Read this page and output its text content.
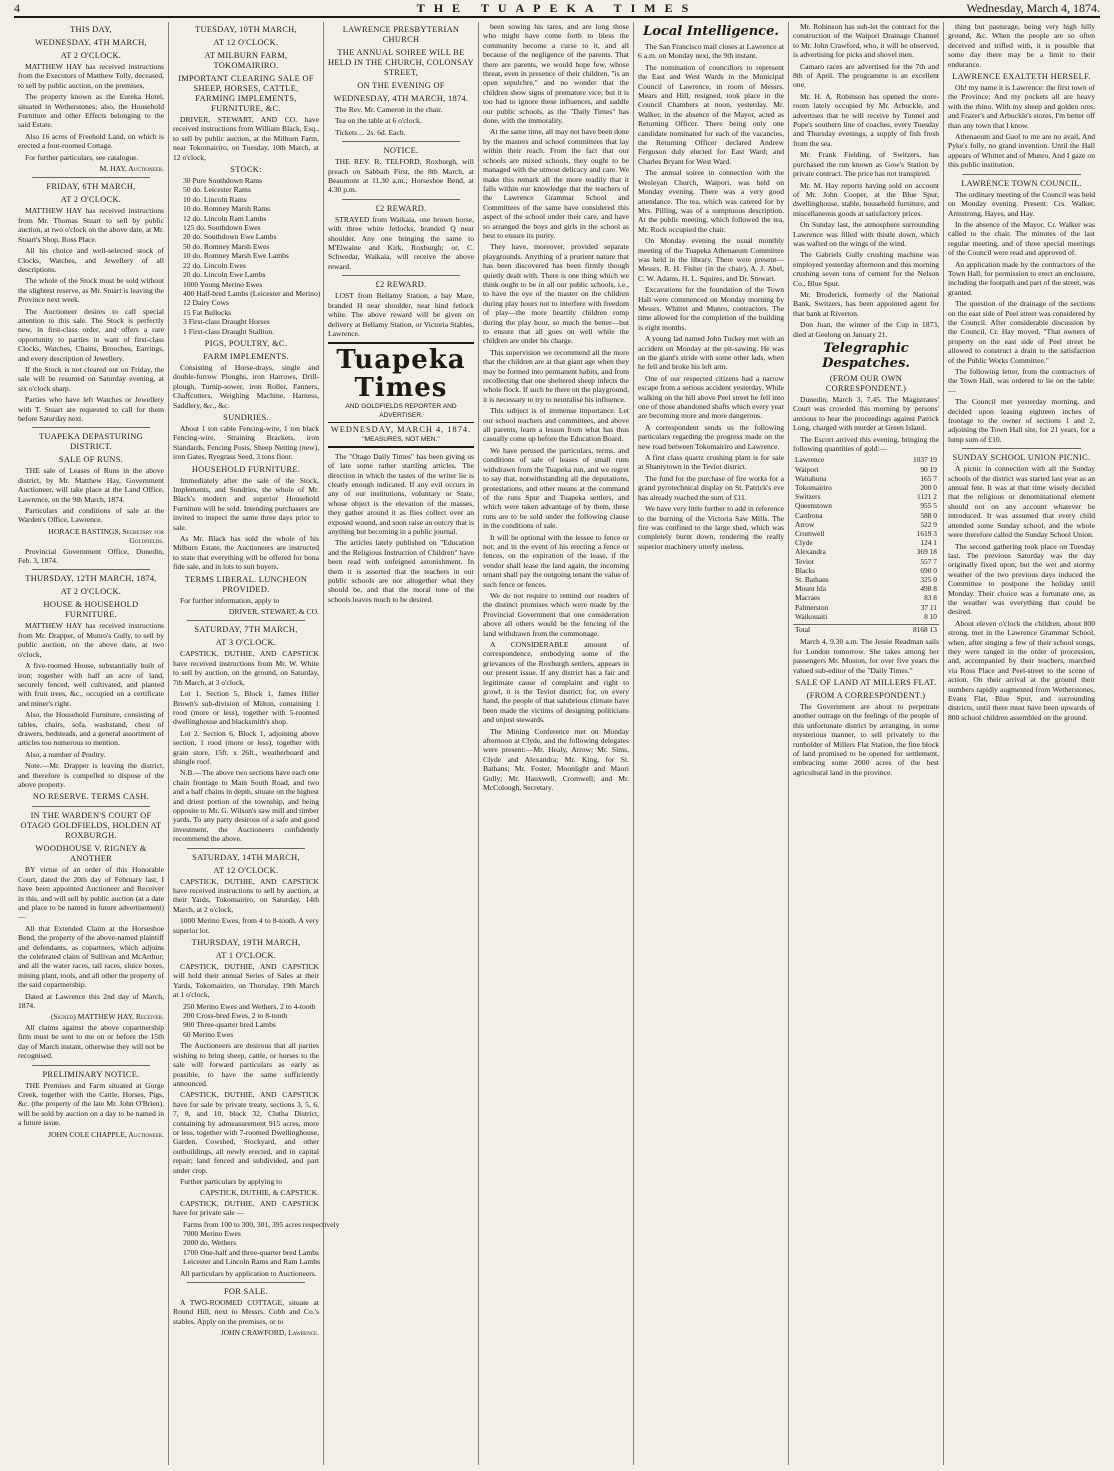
4	THE TUAPEKA TIMES	Wednesday, March 4, 1874.
THIS DAY,
WEDNESDAY, 4TH MARCH,
AT 2 O'CLOCK.

MATTHEW HAY has received instructions from the Executors of Matthew Tolly, deceased, to sell by public auction, on the premises,

The property known as the Eureka Hotel, situated in Wetherstones; also, the Household Furniture and other Effects belonging to the said Estate.

Also 16 acres of Freehold Land, on which is erected a four-roomed Cottage.

For further particulars, see catalogue.

M. HAY, Auctioneer.
FRIDAY, 6TH MARCH,
AT 2 O'CLOCK.

MATTHEW HAY has received instructions from Mr. Thomas Stuart to sell by public auction, at two o'clock on the above date, at Mr. Stuart's Shop, Ross Place.

All his choice and well-selected stock of Clocks, Watches, and Jewellery of all descriptions.

The whole of the Stock must be sold without the slightest reserve, as Mr. Stuart is leaving the Province next week.

The Auctioneer desires to call special attention to this sale. The Stock is perfectly new, in first-class order, and offers a rare opportunity to parties in want of first-class Clocks, Watches, Chains, Brooches, Earrings, and every description of Jewellery.

If the Stock is not cleared out on Friday, the sale will be resumed on Saturday evening, at six o'clock sharp.

Parties who have left Watches or Jewellery with T. Stuart are requested to call for them before Saturday next.

TUAPEKA DEPASTURING DISTRICT.
SALE OF RUNS.

THE sale of Leases of Runs in the above district, by Mr. Matthew Hay, Government Auctioneer, will take place at the Land Office, Lawrence, on the 9th March, 1874.

Particulars and conditions of sale at the Warden's Office, Lawrence.

HORACE BASTINGS, Secretary for Goldfields.

Provincial Government Office, Dunedin, Feb. 3, 1874.

THURSDAY, 12TH MARCH, 1874,
AT 2 O'CLOCK.
HOUSE & HOUSEHOLD FURNITURE.

MATTHEW HAY has received instructions from Mr. Drapper, of Munro's Gully, to sell by public auction, on the above date, at two o'clock,

A five-roomed House, substantially built of iron; together with half an acre of land, securely fenced, well cultivated, and planted with fruit trees, &c., occupied on a certificate and miner's right.

Also, the Household Furniture, consisting of tables, chairs, sofa, washstand, chest of drawers, bedsteads, and a general assortment of articles too numerous to mention.

Also, a number of Poultry.

Note.—Mr. Drapper is leaving the district, and therefore is compelled to dispose of the above property.

NO RESERVE. TERMS CASH.
IN THE WARDEN'S COURT OF OTAGO GOLDFIELDS, HOLDEN AT ROXBURGH.
WOODHOUSE V. RIGNEY & ANOTHER

BY virtue of an order of this Honorable Court, dated the 20th day of February last, I have been appointed Auctioneer and Receiver in this, and will sell by public auction (at a date and place to be named in future advertisement) —

All that Extended Claim at the Horseshoe Bend, the property of the above-named plaintiff and defendants, as copartners, which adjoins the celebrated claim of Sullivan and McArthur; and all the water races, tail races, sluice boxes, mining plant, tools, and all other the property of the said copartnership.

Dated at Lawrence this 2nd day of March, 1874.

(Signed) MATTHEW HAY, Receiver.

All claims against the above copartnership firm must be sent to me on or before the 15th day of March instant, otherwise they will not be recognised.

PRELIMINARY NOTICE.

THE Premises and Farm situated at Gorge Creek, together with the Cattle, Horses, Pigs, &c. (the property of the late Mr. John O'Brien), will be sold by auction on a day to be named in a future issue.

JOHN COLE CHAPPLE, Auctioneer.
TUESDAY, 10TH MARCH,
AT 12 O'CLOCK.
AT MILBURN FARM, TOKOMAIRIRO.
IMPORTANT CLEARING SALE OF SHEEP, HORSES, CATTLE, FARMING IMPLEMENTS, FURNITURE, &C.

DRIVER, STEWART, AND CO. have received instructions from William Black, Esq., to sell by public auction, at the Milburn Farm, near Tokomairiro, on Tuesday, 10th March, at 12 o'clock,

STOCK:
30 Pure Southdown Rams
50 do. Leicester Rams
10 do. Lincoln Rams
10 do. Romney Marsh Rams
12 do. Lincoln Ram Lambs
125 do. Southdown Ewes
20 do. Southdown Ewe Lambs
50 do. Romney Marsh Ewes
10 do. Romney Marsh Ewe Lambs
22 do. Lincoln Ewes
20 do. Lincoln Ewe Lambs
1000 Young Merino Ewes
400 Half-bred Lambs (Leicester and Merino)
12 Dairy Cows
15 Fat Bullocks
3 First-class Draught Horses
1 First-class Draught Stallion.
PIGS, POULTRY, &C.
FARM IMPLEMENTS.

Consisting of Horse-drays, single and double-furrow Ploughs, iron Harrows, Drill-plough, Turnip-sower, iron Roller, Fanners, Chaffcutters, Weighing Machine, Harness, Saddlery, &c., &c.

SUNDRIES.

About 1 ton cable Fencing-wire, 1 ton black Fencing-wire, Straining Brackets, iron Standards, Fencing Posts, Sheep Netting (new), iron Gates, Ryegrass Seed, 3 tons flour.

HOUSEHOLD FURNITURE.

Immediately after the sale of the Stock, Implements, and Sundries, the whole of Mr. Black's modern and superior Household Furniture will be sold. Intending purchasers are invited to inspect the same three days prior to sale.

As Mr. Black has sold the whole of his Milburn Estate, the Auctioneers are instructed to state that everything will be offered for bona fide sale, and in lots to suit buyers.

TERMS LIBERAL. LUNCHEON PROVIDED.

For further information, apply to

DRIVER, STEWART, & CO.
SATURDAY, 7TH MARCH,
AT 3 O'CLOCK.

CAPSTICK, DUTHIE, AND CAPSTICK have received instructions from Mr. W. White to sell by auction, on the ground, on Saturday, 7th March, at 3 o'clock,

Lot 1. Section 5, Block 1, James Hiller Brown's sub-division of Milton, containing 1 rood (more or less), together with 5-roomed dwellinghouse and blacksmith's shop.

Lot 2. Section 6, Block 1, adjoining above section, 1 rood (more or less), together with grain store, 15ft. x 26ft., weatherboard and shingle roof.

N.B.—The above two sections have each one chain frontage to Main South Road, and two and a half chains in depth, situate on the highest and driest portion of the township, and being opposite to Mr. G. Wilson's saw mill and timber yards. To any party desirous of a safe and good investment, the Auctioneers confidently recommend the above.

SATURDAY, 14TH MARCH,
AT 12 O'CLOCK.

CAPSTICK, DUTHIE, AND CAPSTICK have received instructions to sell by auction, at their Yards, Tokomairiro, on Saturday, 14th March, at 2 o'clock,

1000 Merino Ewes, from 4 to 8-tooth. A very superior lot.

THURSDAY, 19TH MARCH,
AT 1 O'CLOCK.

CAPSTICK, DUTHIE, AND CAPSTICK will hold their annual Series of Sales at their Yards, Tokomairiro, on Thursday, 19th March at 1 o'clock,

250 Merino Ewes and Wethers, 2 to 4-tooth
200 Cross-bred Ewes, 2 to 8-tooth
900 Three-quarter bred Lambs
60 Merino Ewes

The Auctioneers are desirous that all parties wishing to bring sheep, cattle, or horses to the sale will forward particulars as early as possible, to have the same sufficiently announced.

CAPSTICK, DUTHIE, AND CAPSTICK have for sale by private treaty, sections 3, 5, 6, 7, 8, and 10, block 32, Clutha District, containing by admeasurement 915 acres, more or less, together with 7-roomed Dwellinghouse, Garden, Cowshed, Stockyard, and other outbuildings, all newly erected, and in capital repair; land fenced and subdivided, and part under crop.

Further particulars by applying to

CAPSTICK, DUTHIE, & CAPSTICK.

CAPSTICK, DUTHIE, AND CAPSTICK have for private sale —

Farms from 100 to 300, 301, 395 acres respectively
7000 Merino Ewes
2000 do. Wethers
1700 One-half and three-quarter bred Lambs
Leicester and Lincoln Rams and Ram Lambs

All particulars by application to Auctioneers.

FOR SALE.

A TWO-ROOMED COTTAGE, situate at Round Hill, next to Messrs. Cobb and Co.'s stables. Apply on the premises, or to

JOHN CRAWFORD, Lawrence.
LAWRENCE PRESBYTERIAN CHURCH
THE ANNUAL SOIREE WILL BE HELD IN THE CHURCH, COLONSAY STREET,
ON THE EVENING OF
WEDNESDAY, 4TH MARCH, 1874.

The Rev. Mr. Cameron in the chair.

Tea on the table at 6 o'clock.

Tickets ... 2s. 6d. Each.

NOTICE.

THE REV. R. TELFORD, Roxburgh, will preach on Sabbath First, the 8th March, at Beaumont at 11.30 a.m.; Horseshoe Bend, at 4.30 p.m.

£2 REWARD.

STRAYED from Waikaia, one brown horse, with three white fetlocks, branded Q near shoulder. Any one bringing the same to M'Elwaine and Kirk, Roxburgh; or, C. Schwedar, Waikaia, will receive the above reward.

£2 REWARD.

LOST from Bellamy Station, a bay Mare, branded H near shoulder, near hind fetlock white. The above reward will be given on delivery at Bellamy Station, or Victoria Stables, Lawrence.

Tuapeka Times
AND GOLDFIELDS REPORTER AND ADVERTISER.
WEDNESDAY, MARCH 4, 1874.
"MEASURES, NOT MEN."

The "Otago Daily Times" has been giving us of late some rather startling articles. The direction in which the tastes of the writer lie is clearly enough indicated. If any evil occurs in any of our institutions, voluntary or State, whose object is the elevation of the masses, they gather around it as flies collect over an exposed wound, and soon raise an outcry that is anything but becoming in a public journal.

The articles lately published on "Education and the Religious Instruction of Children" have been read with unfeigned astonishment. In them it is asserted that the teachers in our public schools are not altogether what they should be, and that the moral tone of the schools leaves much to be desired.

been sowing his tares, and are long those who might have come forth to bless the community become a curse to it, and all because of the negligence of the parents. That there are parents, we would hope few, whose threat, even in presence of their children, "is an open sepulchre," and no wonder that the children show signs of premature vice; but it is too bad to ignore these influences, and saddle our public schools, as the "Daily Times" has done, with the immorality.

At the same time, all may not have been done by the masters and school committees that lay within their reach. From the fact that our schools are mixed schools, they ought to be managed with the utmost delicacy and care. We make this remark all the more readily that it falls within our knowledge that the teachers of the Lawrence Grammar School and Committees of the same have considered this aspect of the school under their care, and have so arranged the boys and girls in the school as best to ensure its purity.

They have, moreover, provided separate playgrounds. Anything of a prurient nature that has been discovered has been firmly though quietly dealt with. There is one thing which we think ought to be in all our public schools, i.e., to have the eye of the master on the children during play hours not to interfere with freedom of play—the more heartily children romp during the play hour, so much the better—but to ensure that all goes on well while the children are under his charge.

This supervision we recommend all the more that the children are at that giant age when they may be formed into permanent habits, and from recollecting that one sheltered sheep infects the whole flock. If such be there on the playground, it is necessary to try to neutralise his influence.

This subject is of immense importance. Let our school teachers and committees, and above all parents, learn a lesson from what has thus casually come up before the Education Board.

We have perused the particulars, terms, and conditions of sale of leases of small runs withdrawn from the Tuapeka run, and we regret to say that, notwithstanding all the deputations, protestations, and other means at the command of the runs Spur and Tuapeka settlers, and which were taken advantage of by them, these runs are to be sold under the following clause in the conditions of sale.

It will be optional with the lessee to fence or not; and in the event of his erecting a fence or fences, on the expiration of the lease, if the vendor shall lease the land again, the incoming tenant shall pay the outgoing tenant the value of such fence or fences.

We do not require to remind our readers of the distinct promises which were made by the Provincial Government that one consideration above all others would be the fencing of the land withdrawn from the commonage.

A CONSIDERABLE amount of correspondence, embodying some of the grievances of the Roxburgh settlers, appears in our present issue. If any district has a fair and legitimate cause of complaint and right to growl, it is the Teviot district; for, on every hand, the people of that salubrious climate have been made the victims of designing politicians and unjust stewards.

The Mining Conference met on Monday afternoon at Clyde, and the following delegates were present:—Mr. Healy, Arrow; Mr. Sims, Clyde and Alexandra; Mr. King, for St. Bathans; Mr. Foster, Moonlight and Maori Gully; Mr. Hauxwell, Cromwell; and Mr. McColough, Secretary.

Local Intelligence.

The San Francisco mail closes at Lawrence at 6 a.m. on Monday next, the 9th instant.

The nomination of councillors to represent the East and West Wards in the Municipal Council of Lawrence, in room of Messrs. Mears and Hill, resigned, took place in the Council Chambers at noon, yesterday. Mr. Walker, in the absence of the Mayor, acted as Returning Officer. There being only one candidate nominated for each of the vacancies, the Returning Officer declared Andrew Ferguson duly elected for East Ward; and Charles Bryant for West Ward.

The annual soiree in connection with the Wesleyan Church, Waipori, was held on Monday evening. There was a very good attendance. The tea, which was catered for by Mrs. Pilling, was of a sumptuous description. At the public meeting, which followed the tea, Mr. Rock occupied the chair.

On Monday evening the usual monthly meeting of the Tuapeka Athenaeum Committee was held in the library. There were present—Messrs. R. H. Fisher (in the chair), A. J. Abel, C. W. Adams, H. L. Squires, and Dr. Stewart.

Excavations for the foundation of the Town Hall were commenced on Monday morning by Messrs. Whittet and Munro, contractors. The time allowed for the completion of the building is eight months.

A young lad named John Tuckey met with an accident on Monday at the pit-sawing. He was on the giant's stride with some other lads, when he fell and broke his left arm.

One of our respected citizens had a narrow escape from a serious accident yesterday. While walking on the hill above Peel street he fell into one of those abandoned shafts which every year are becoming more and more dangerous.

A correspondent sends us the following particulars regarding the progress made on the new road between Tokomairiro and Lawrence.

A first class quartz crushing plant is for sale at Shantytown in the Teviot district.

The fund for the purchase of fire works for a grand pyrotechnical display on St. Patrick's eve has already reached the sum of £11.

We have very little further to add in reference to the burning of the Victoria Saw Mills. The fire was confined to the large shed, which was completely burnt down, rendering the really superior machinery utterly useless.

Mr. Robinson has sub-let the contract for the construction of the Waipori Drainage Channel to Mr. John Crawford, who, it will be observed, is advertising for picks and shovel men.

Camaro races are advertised for the 7th and 8th of April. The programme is an excellent one.

Mr. H. A. Robinson has opened the store-room lately occupied by Mr. Arbuckle, and advertises that he will receive by Tunnel and Pope's southern line of coaches, every Tuesday and Thursday evenings, a supply of fish fresh from the sea.

Mr. Frank Fielding, of Switzers, has purchased the run known as Gow's Station by private contract. The price has not transpired.

Mr. M. Hay reports having sold on account of Mr. John Cooper, at the Blue Spur, dwellinghouse, stable, household furniture, and miscellaneous goods at satisfactory prices.

On Sunday last, the atmosphere surrounding Lawrence was filled with thistle down, which was wafted on the wings of the wind.

The Gabriels Gully crushing machine was employed yesterday afternoon and this morning crushing seven tons of cement for the Nelson Co., Blue Spur.

Mr. Broderick, formerly of the National Bank, Switzers, has been appointed agent for that bank at Riverton.

Don Juan, the winner of the Cup in 1873, died at Geelong on January 21.

Telegraphic Despatches.
(FROM OUR OWN CORRESPONDENT.)

Dunedin, March 3, 7.45. The Magistrates' Court was crowded this morning by persons' anxious to hear the proceedings against Patrick Long, charged with murder at Green Island.

The Escort arrived this evening, bringing the following quantities of gold:—

Lawrence	1037 19
Waipori	90 19
Waitahuna	165 7
Tokomairiro	200 0
Switzers	1121 2
Queenstown	955 5
Cardrona	588 0
Arrow	522 9
Cromwell	1619 3
Clyde	124 1
Alexandra	369 18
Teviot	557 7
Blacks	690 0
St. Bathans	325 0
Mount Ida	498 8
Macraes	83 8
Palmerston	37 11
Waikouaiti	8 10
Total	8168 13

March 4, 9.30 a.m. The Jessie Readman sails for London tomorrow. She takes among her passengers Mr. Muston, for over five years the valued sub-editor of the "Daily Times."

SALE OF LAND AT MILLERS FLAT.
(FROM A CORRESPONDENT.)

The Government are about to perpetrate another outrage on the feelings of the people of this unfortunate district by arranging, in some mysterious manner, to sell privately to the runholder of Millers Flat Station, the fine block of land promised to be opened for settlement, embracing some 2000 acres of the best agricultural land in the province.

thing but pasturage, being very high hilly ground, &c. When the people are so often deceived and trifled with, it is possible that some day there may be a limit to their endurance.

LAWRENCE EXALTETH HERSELF.

Oh! my name it is Lawrence: the first town of the Province; And my pockets all are heavy with the rhino. With my sheep and golden ores, and Frazer's and Arbuckle's stores, I'm better off than any town that I know.

Athenaeum and Gaol to me are no avail, And Pyke's folly, no grand invention. Until the Hall appears of Whittet and of Munro, And I gaze on this public institution.

LAWRENCE TOWN COUNCIL.

The ordinary meeting of the Council was held on Monday evening. Present: Crs. Walker, Armstrong, Hayes, and Hay.

In the absence of the Mayor, Cr. Walker was called to the chair. The minutes of the last regular meeting, and of three special meetings of the Council were read and approved of.

An application made by the contractors of the Town Hall, for permission to erect an enclosure, including the footpath and part of the street, was granted.

The question of the drainage of the sections on the east side of Peel street was considered by the Council. After considerable discussion by the Council, Cr. Hay moved, "That owners of property on the east side of Peel street be allowed to construct a drain to the satisfaction of the Public Works Committee."

The following letter, from the contractors of the Town Hall, was ordered to lie on the table:—

The Council met yesterday morning, and decided upon leasing eighteen inches of frontage to the owner of sections 1 and 2, adjoining the Town Hall site, for 21 years, for a lump sum of £10.

SUNDAY SCHOOL UNION PICNIC.

A picnic in connection with all the Sunday schools of the district was started last year as an annual fete. It was at that time wisely decided that the religious or denominational element should not on any account whatever be introduced. It was assumed that every child attended some Sunday school, and the whole were therefore called the Sunday School Union.

The second gathering took place on Tuesday last. The previous Saturday was the day originally fixed upon, but the wet and stormy weather of the two previous days induced the Committee to postpone the holiday until Monday. Their choice was a fortunate one, as the weather was everything that could be desired.

About eleven o'clock the children, about 800 strong, met in the Lawrence Grammar School, when, after singing a few of their school songs, they were ranged in the order of procession, and, accompanied by their teachers, marched via Ross Place and Peel-street to the scene of action. On their arrival at the ground their numbers rapidly augmented from Wetherstones, Evans Flat, Blue Spur, and surrounding districts, until there must have been upwards of 800 school children assembled on the ground.
